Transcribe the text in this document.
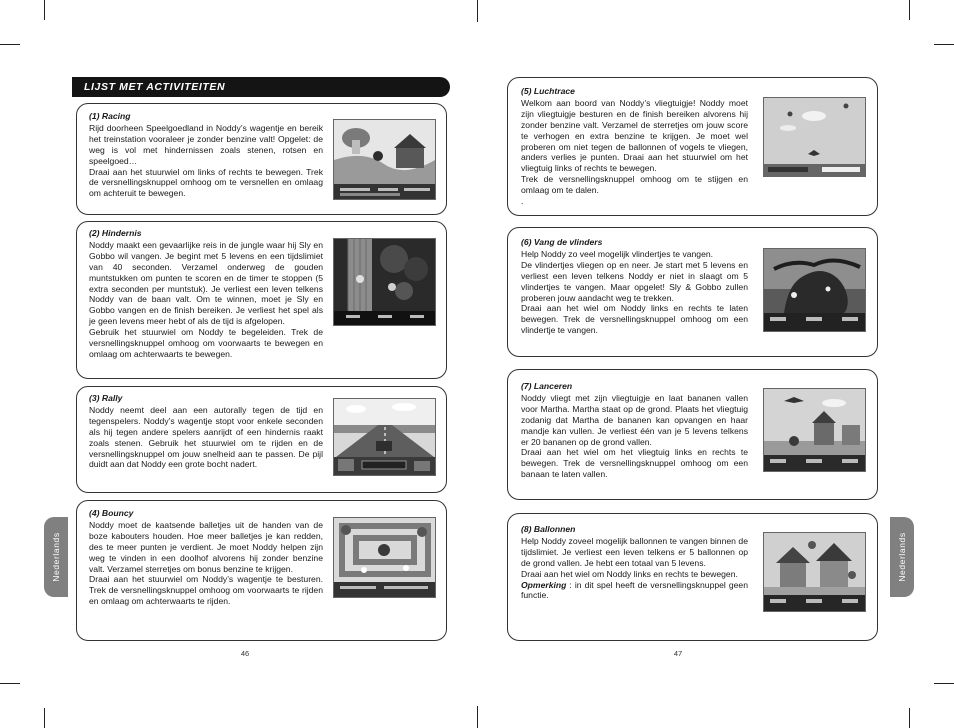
LIJST MET ACTIVITEITEN
Nederlands
(1) Racing
Rijd doorheen Speelgoedland in Noddy’s wagentje en bereik het treinstation vooraleer je zonder benzine valt! Opgelet: de weg is vol met hindernissen zoals stenen, rotsen en speelgoed…
Draai aan het stuurwiel om links of rechts te bewegen. Trek de versnellingsknuppel omhoog om te versnellen en omlaag om achteruit te bewegen.
(2) Hindernis
Noddy maakt een gevaarlijke reis in de jungle waar hij Sly en Gobbo wil vangen. Je begint met 5 levens en een tijdslimiet van 40 seconden. Verzamel onderweg de gouden muntstukken om punten te scoren en de timer te stoppen (5 extra seconden per muntstuk). Je verliest een leven telkens Noddy van de baan valt. Om te winnen, moet je Sly en Gobbo vangen en de finish bereiken. Je verliest het spel als je geen levens meer hebt of als de tijd is afgelopen.
Gebruik het stuurwiel om Noddy te begeleiden. Trek de versnellingsknuppel omhoog om voorwaarts te bewegen en omlaag om achterwaarts te bewegen.
(3) Rally
Noddy neemt deel aan een autorally tegen de tijd en tegenspelers. Noddy’s wagentje stopt voor enkele seconden als hij tegen andere spelers aanrijdt of een hindernis raakt zoals stenen. Gebruik het stuurwiel om te rijden en de versnellingsknuppel om jouw snelheid aan te passen. De pijl duidt aan dat Noddy een grote bocht nadert.
(4) Bouncy
Noddy moet de kaatsende balletjes uit de handen van de boze kabouters houden. Hoe meer balletjes je kan redden, des te meer punten je verdient. Je moet Noddy helpen zijn weg te vinden in een doolhof alvorens hij zonder benzine valt. Verzamel sterretjes om bonus benzine te krijgen.
Draai aan het stuurwiel om Noddy’s wagentje te besturen. Trek de versnellingsknuppel omhoog om voorwaarts te rijden en omlaag om achterwaarts te rijden.
46
Nederlands
(5) Luchtrace
Welkom aan boord van Noddy’s vliegtuigje! Noddy moet zijn vliegtuigje besturen en de finish bereiken alvorens hij zonder benzine valt. Verzamel de sterretjes om jouw score te verhogen en extra benzine te krijgen. Je moet wel proberen om niet tegen de ballonnen of vogels te vliegen, anders verlies je punten. Draai aan het stuurwiel om het vliegtuig links of rechts te bewegen.
Trek de versnellingsknuppel omhoog om te stijgen en omlaag om te dalen.
.
(6) Vang de vlinders
Help Noddy zo veel mogelijk vlindertjes te vangen.
De vlindertjes vliegen op en neer. Je start met 5 levens en verliest een leven telkens Noddy er niet in slaagt om 5 vlindertjes te vangen. Maar opgelet! Sly & Gobbo zullen proberen jouw aandacht weg te trekken.
Draai aan het wiel om Noddy links en rechts te laten bewegen. Trek de versnellingsknuppel omhoog om een vlindertje te vangen.
(7) Lanceren
Noddy vliegt met zijn vliegtuigje en laat bananen vallen voor Martha. Martha staat op de grond. Plaats het vliegtuig zodanig dat Martha de bananen kan opvangen en haar mandje kan vullen. Je verliest één van je 5 levens telkens er 20 bananen op de grond vallen.
Draai aan het wiel om het vliegtuig links en rechts te bewegen. Trek de versnellingsknuppel omhoog om een banaan te laten vallen.
(8) Ballonnen
Help Noddy zoveel mogelijk ballonnen te vangen binnen de tijdslimiet. Je verliest een leven telkens er 5 ballonnen op de grond vallen. Je hebt een totaal van 5 levens.
Draai aan het wiel om Noddy links en rechts te bewegen.
Opmerking : in dit spel heeft de versnellingsknuppel geen functie.
47
